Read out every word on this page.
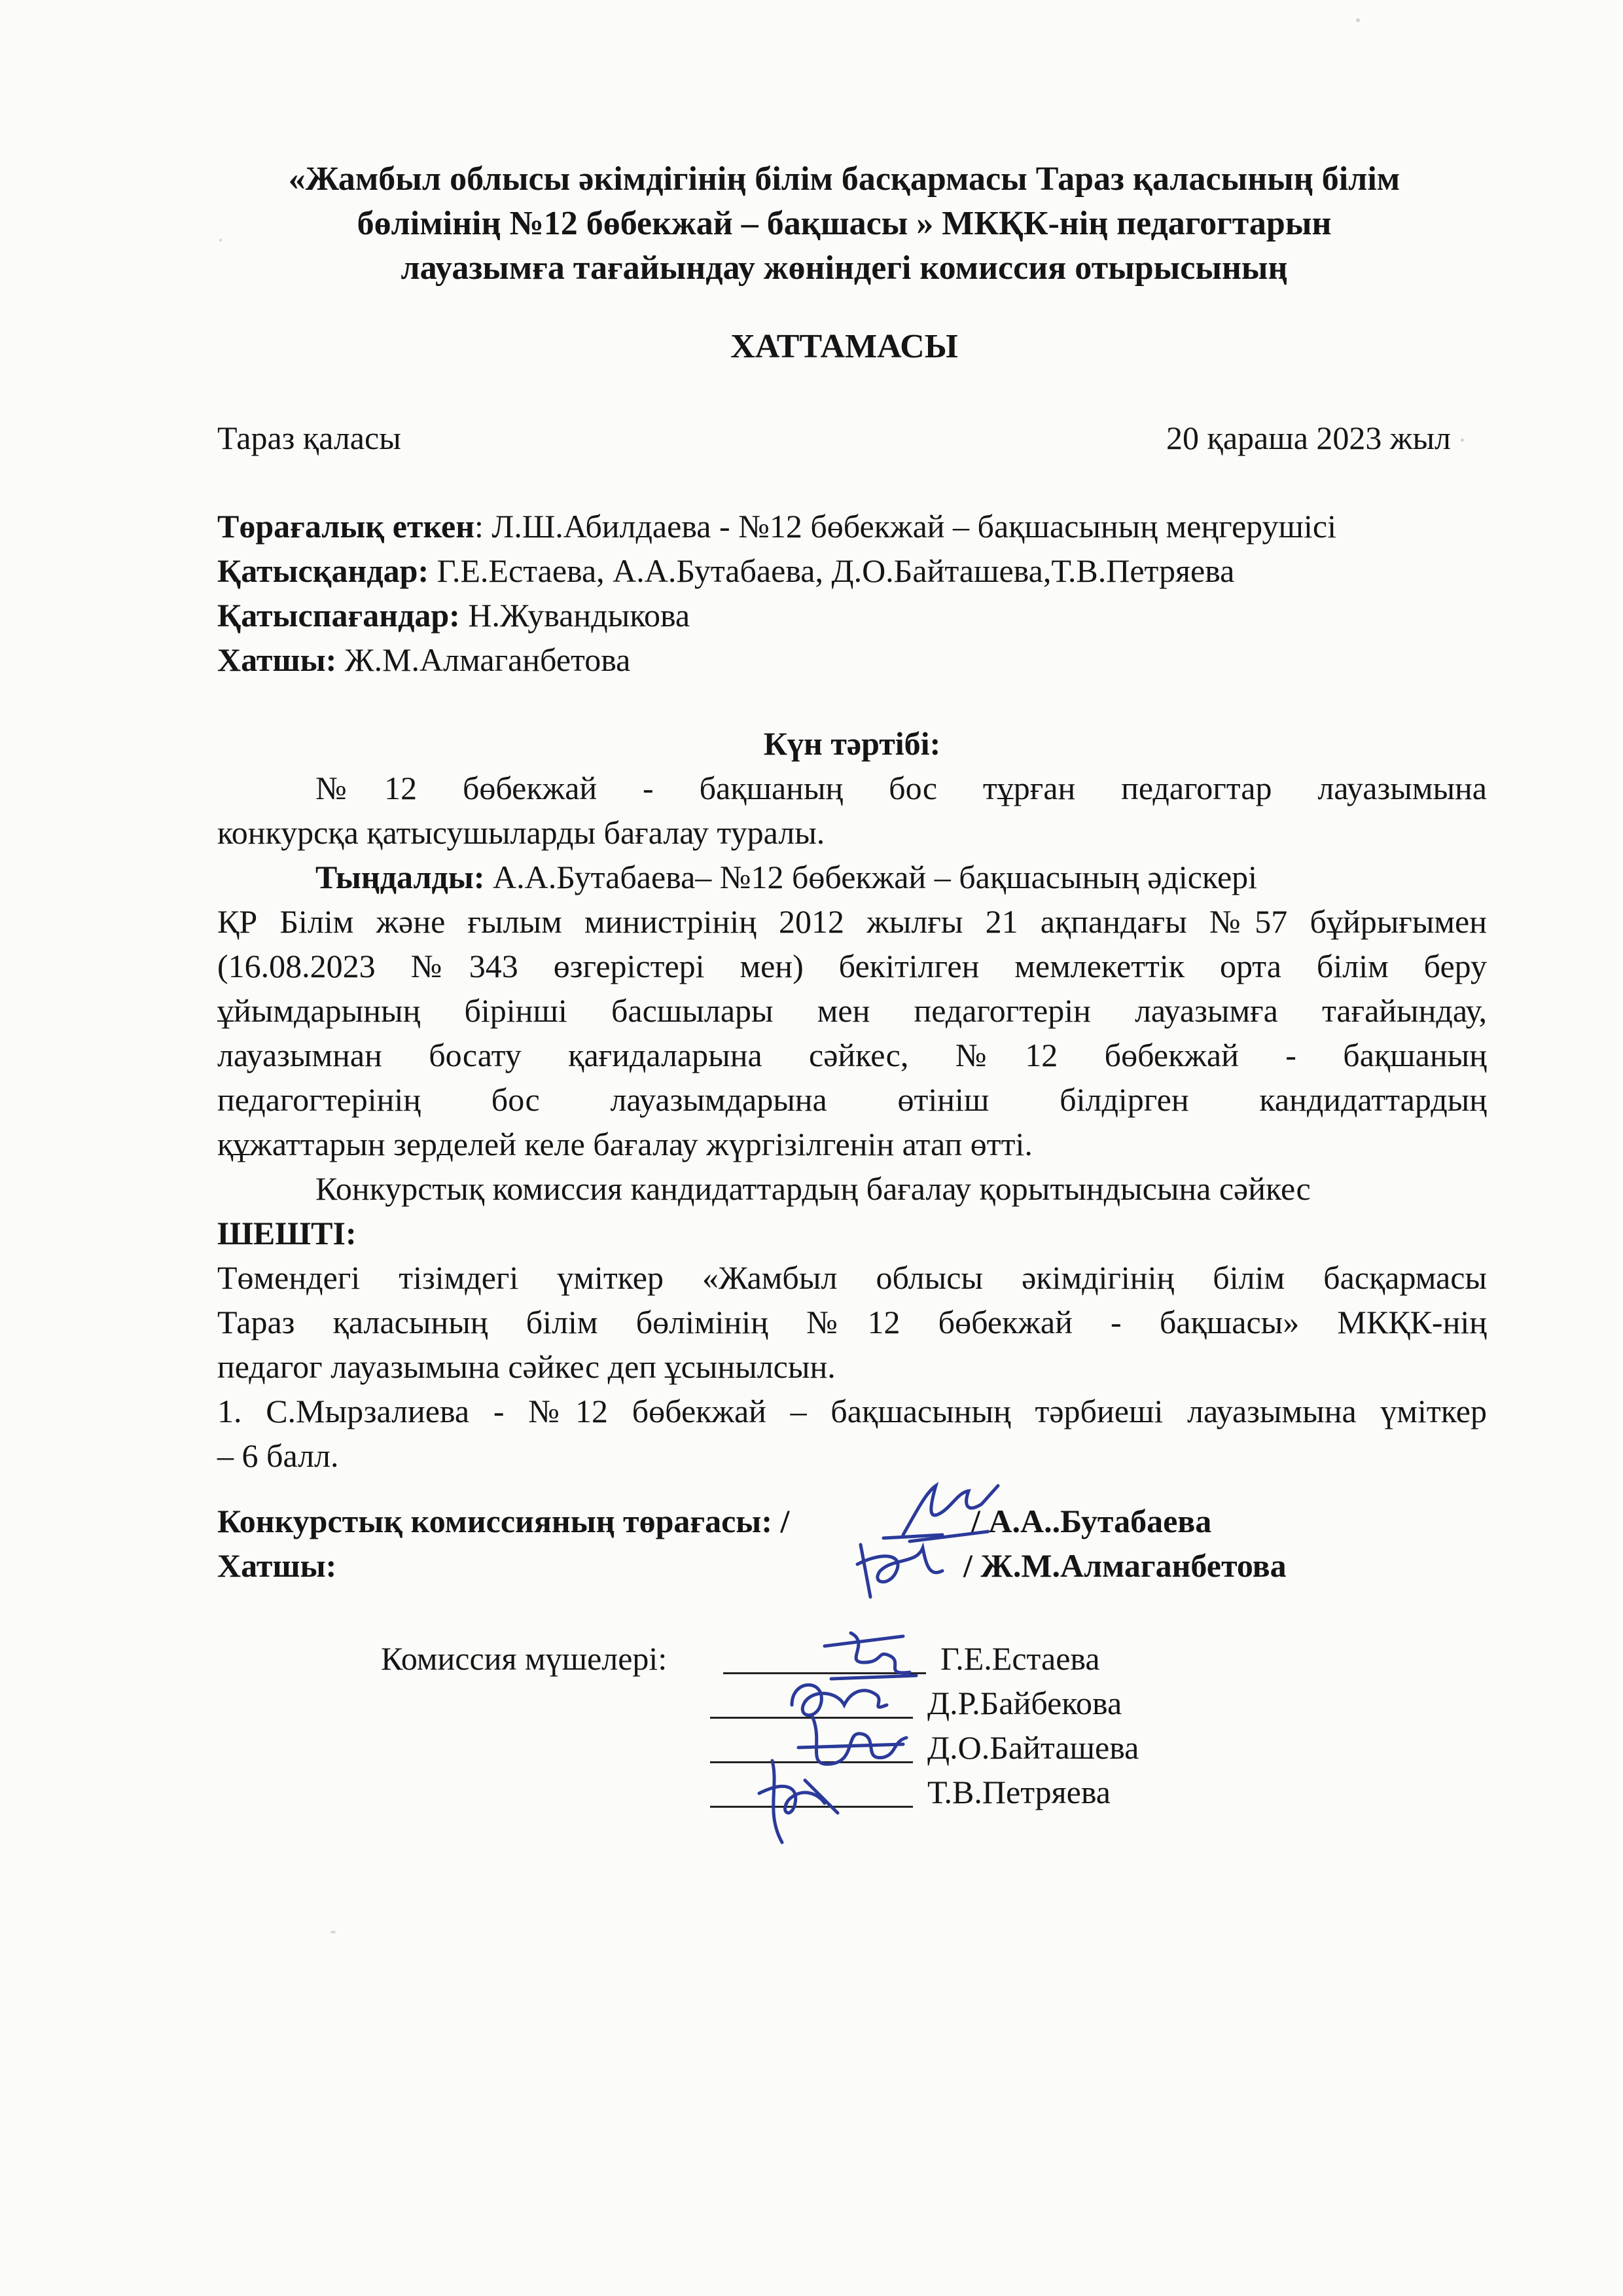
«Жамбыл облысы әкімдігінің білім басқармасы Тараз қаласының білім
бөлімінің №12 бөбекжай – бақшасы » МКҚК-нің педагогтарын
лауазымға тағайындау жөніндегі комиссия отырысының
ХАТТАМАСЫ
Тараз қаласы	20 қараша 2023 жыл
Төрағалық еткен: Л.Ш.Абилдаева - №12 бөбекжай – бақшасының меңгерушісі
Қатысқандар: Г.Е.Естаева, А.А.Бутабаева, Д.О.Байташева,Т.В.Петряева
Қатыспағандар: Н.Жувандыкова
Хатшы: Ж.М.Алмаганбетова
Күн тәртібі:
№12 бөбекжай - бақшаның бос тұрған педагогтар лауазымына
конкурсқа қатысушыларды бағалау туралы.
Тыңдалды: А.А.Бутабаева– №12 бөбекжай – бақшасының әдіскері
ҚР Білім және ғылым министрінің 2012 жылғы 21 ақпандағы №57 бұйрығымен
(16.08.2023 №343 өзгерістері мен) бекітілген мемлекеттік орта білім беру
ұйымдарының бірінші басшылары мен педагогтерін лауазымға тағайындау,
лауазымнан босату қағидаларына сәйкес, №12 бөбекжай - бақшаның
педагогтерінің бос лауазымдарына өтініш білдірген кандидаттардың
құжаттарын зерделей келе бағалау жүргізілгенін атап өтті.
Конкурстық комиссия кандидаттардың бағалау қорытындысына сәйкес
ШЕШТІ:
Төмендегі тізімдегі үміткер «Жамбыл облысы әкімдігінің білім басқармасы
Тараз қаласының білім бөлімінің №12 бөбекжай - бақшасы» МКҚК-нің
педагог лауазымына сәйкес деп ұсынылсын.
1. С.Мырзалиева - №12 бөбекжай – бақшасының тәрбиеші лауазымына үміткер
– 6 балл.
Конкурстық комиссияның төрағасы: /	/ А.А..Бутабаева
Хатшы:	/ Ж.М.Алмаганбетова
Комиссия мүшелері:	Г.Е.Естаева
Д.Р.Байбекова
Д.О.Байташева
Т.В.Петряева
